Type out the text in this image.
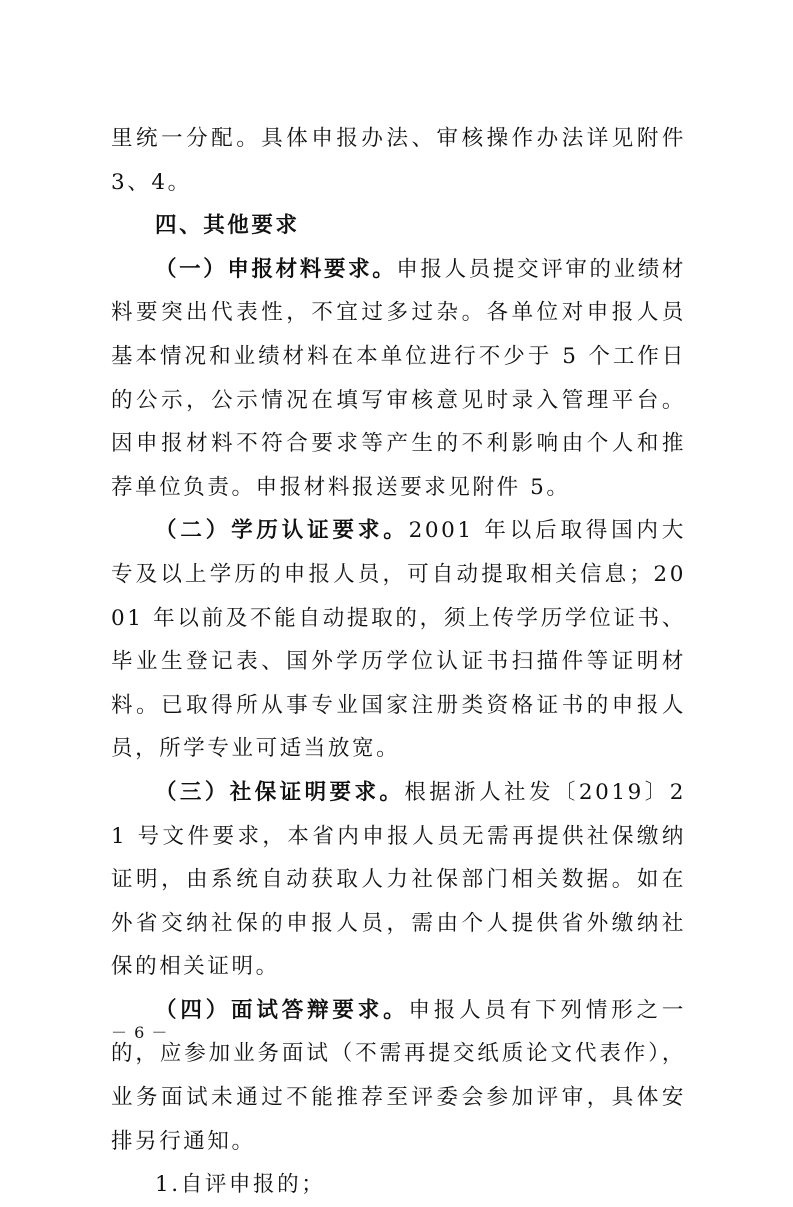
里统一分配。具体申报办法、审核操作办法详见附件 3、4。

四、其他要求

（一）申报材料要求。申报人员提交评审的业绩材料要突出代表性，不宜过多过杂。各单位对申报人员基本情况和业绩材料在本单位进行不少于 5 个工作日的公示，公示情况在填写审核意见时录入管理平台。因申报材料不符合要求等产生的不利影响由个人和推荐单位负责。申报材料报送要求见附件 5。

（二）学历认证要求。2001 年以后取得国内大专及以上学历的申报人员，可自动提取相关信息；2001 年以前及不能自动提取的，须上传学历学位证书、毕业生登记表、国外学历学位认证书扫描件等证明材料。已取得所从事专业国家注册类资格证书的申报人员，所学专业可适当放宽。

（三）社保证明要求。根据浙人社发〔2019〕21 号文件要求，本省内申报人员无需再提供社保缴纳证明，由系统自动获取人力社保部门相关数据。如在外省交纳社保的申报人员，需由个人提供省外缴纳社保的相关证明。

（四）面试答辩要求。申报人员有下列情形之一的，应参加业务面试（不需再提交纸质论文代表作），业务面试未通过不能推荐至评委会参加评审，具体安排另行通知。

1.自评申报的；

－ 6 －
